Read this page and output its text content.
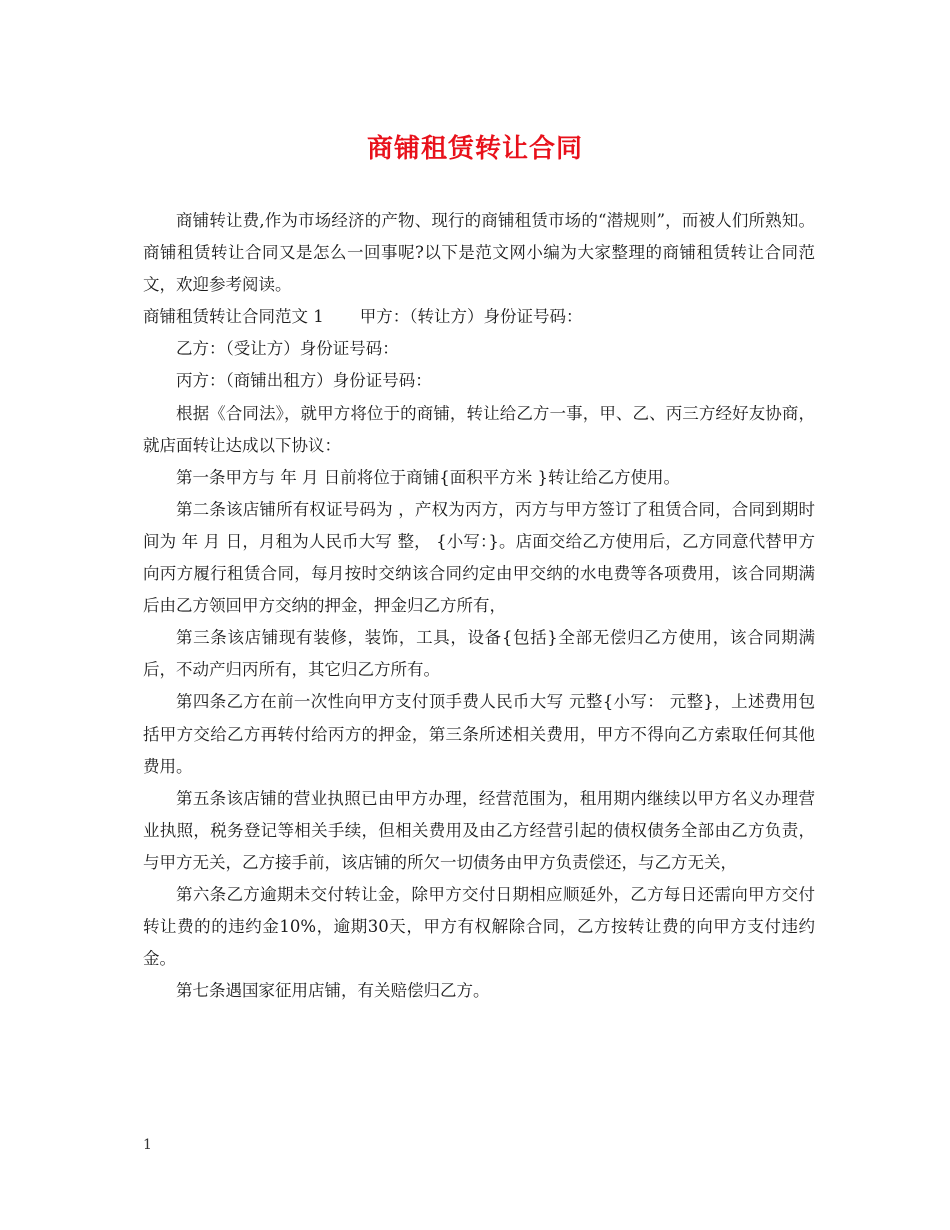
商铺租赁转让合同

商铺转让费,作为市场经济的产物、现行的商铺租赁市场的“潜规则”，而被人们所熟知。商铺租赁转让合同又是怎么一回事呢?以下是范文网小编为大家整理的商铺租赁转让合同范文，欢迎参考阅读。

商铺租赁转让合同范文 1 甲方：（转让方）身份证号码：

乙方：（受让方）身份证号码：

丙方：（商铺出租方）身份证号码：

根据《合同法》，就甲方将位于的商铺，转让给乙方一事，甲、乙、丙三方经好友协商，就店面转让达成以下协议：

第一条甲方与 年 月 日前将位于商铺{面积平方米 }转让给乙方使用。

第二条该店铺所有权证号码为 ，产权为丙方，丙方与甲方签订了租赁合同，合同到期时间为 年 月 日，月租为人民币大写 整， {小写：}。店面交给乙方使用后，乙方同意代替甲方向丙方履行租赁合同，每月按时交纳该合同约定由甲交纳的水电费等各项费用，该合同期满后由乙方领回甲方交纳的押金，押金归乙方所有，

第三条该店铺现有装修，装饰，工具，设备{包括}全部无偿归乙方使用，该合同期满后，不动产归丙所有，其它归乙方所有。

第四条乙方在前一次性向甲方支付顶手费人民币大写 元整{小写： 元整}，上述费用包括甲方交给乙方再转付给丙方的押金，第三条所述相关费用，甲方不得向乙方索取任何其他费用。

第五条该店铺的营业执照已由甲方办理，经营范围为，租用期内继续以甲方名义办理营业执照，税务登记等相关手续，但相关费用及由乙方经营引起的债权债务全部由乙方负责，与甲方无关，乙方接手前，该店铺的所欠一切债务由甲方负责偿还，与乙方无关，

第六条乙方逾期未交付转让金，除甲方交付日期相应顺延外，乙方每日还需向甲方交付转让费的的违约金10%，逾期30天，甲方有权解除合同，乙方按转让费的向甲方支付违约金。

第七条遇国家征用店铺，有关赔偿归乙方。

1
